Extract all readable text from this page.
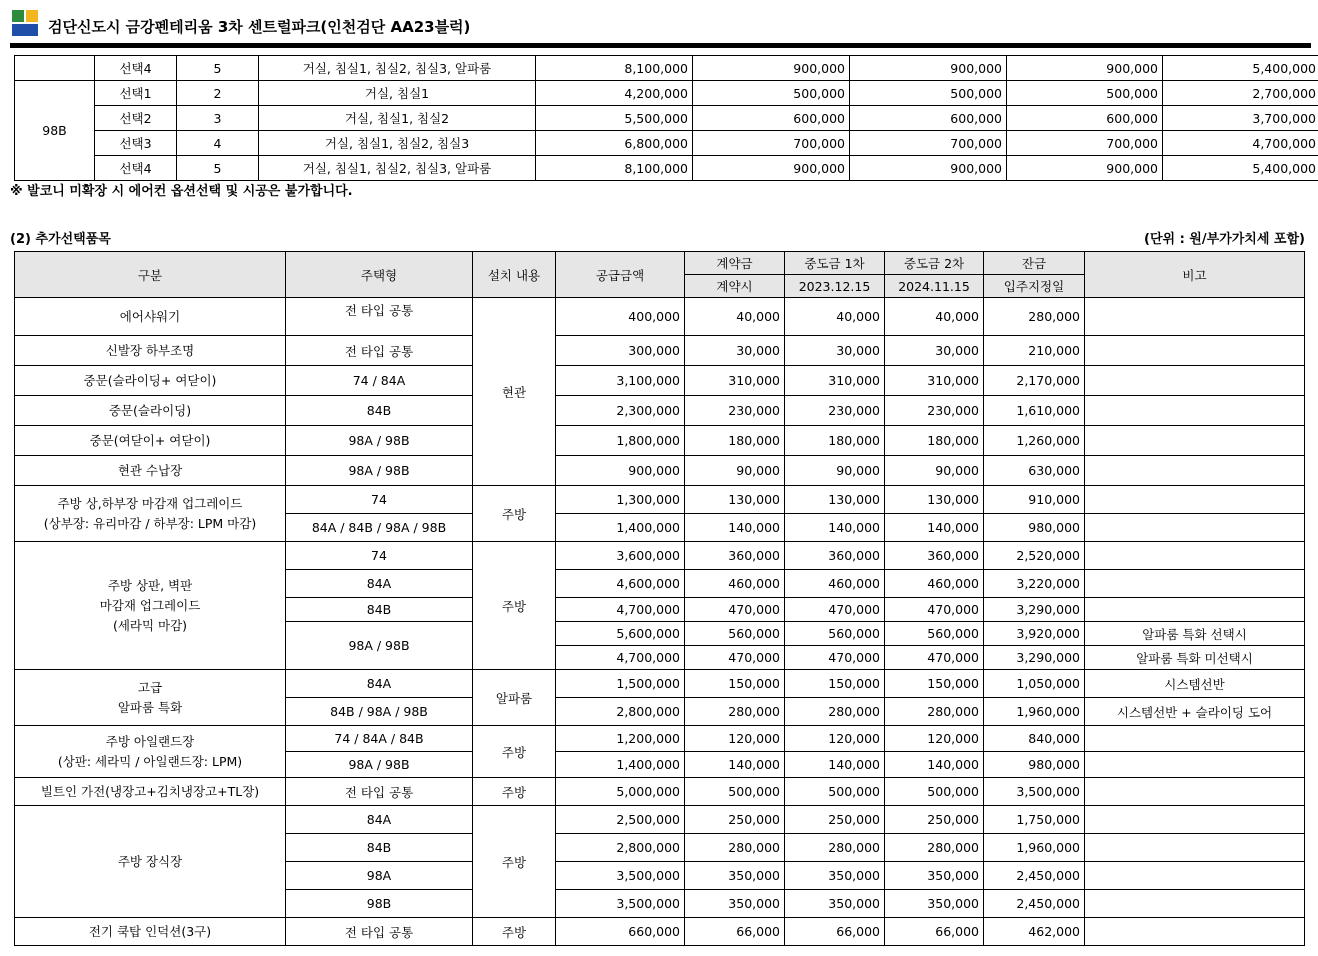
검단신도시 금강펜테리움 3차 센트럴파크(인천검단 AA23블럭)
	선택4	5	거실, 침실1, 침실2, 침실3, 알파룸	8,100,000	900,000	900,000	900,000	5,400,000
98B	선택1	2	거실, 침실1	4,200,000	500,000	500,000	500,000	2,700,000
	선택2	3	거실, 침실1, 침실2	5,500,000	600,000	600,000	600,000	3,700,000
	선택3	4	거실, 침실1, 침실2, 침실3	6,800,000	700,000	700,000	700,000	4,700,000
	선택4	5	거실, 침실1, 침실2, 침실3, 알파룸	8,100,000	900,000	900,000	900,000	5,400,000
※ 발코니 미확장 시 에어컨 옵션선택 및 시공은 불가합니다.
(2) 추가선택품목	(단위 : 원/부가가치세 포함)
구분	주택형	설치 내용	공급금액	계약금	중도금 1차	중도금 2차	잔금	비고
				계약시	2023.12.15	2024.11.15	입주지정일	
에어샤워기	전 타입 공통	현관	400,000	40,000	40,000	40,000	280,000	
신발장 하부조명	전 타입 공통		300,000	30,000	30,000	30,000	210,000	
중문(슬라이딩+ 여닫이)	74 / 84A		3,100,000	310,000	310,000	310,000	2,170,000	
중문(슬라이딩)	84B		2,300,000	230,000	230,000	230,000	1,610,000	
중문(여닫이+ 여닫이)	98A / 98B		1,800,000	180,000	180,000	180,000	1,260,000	
현관 수납장	98A / 98B		900,000	90,000	90,000	90,000	630,000	
주방 상,하부장 마감재 업그레이드
(상부장: 유리마감 / 하부장: LPM 마감)	74	주방	1,300,000	130,000	130,000	130,000	910,000	
	84A / 84B / 98A / 98B		1,400,000	140,000	140,000	140,000	980,000	
주방 상판, 벽판
마감재 업그레이드
(세라믹 마감)	74	주방	3,600,000	360,000	360,000	360,000	2,520,000	
	84A		4,600,000	460,000	460,000	460,000	3,220,000	
	84B		4,700,000	470,000	470,000	470,000	3,290,000	
	98A / 98B		5,600,000	560,000	560,000	560,000	3,920,000	알파룸 특화 선택시
			4,700,000	470,000	470,000	470,000	3,290,000	알파룸 특화 미선택시
고급
알파룸 특화	84A	알파룸	1,500,000	150,000	150,000	150,000	1,050,000	시스템선반
	84B / 98A / 98B		2,800,000	280,000	280,000	280,000	1,960,000	시스템선반 + 슬라이딩 도어
주방 아일랜드장
(상판: 세라믹 / 아일랜드장: LPM)	74 / 84A / 84B	주방	1,200,000	120,000	120,000	120,000	840,000	
	98A / 98B		1,400,000	140,000	140,000	140,000	980,000	
빌트인 가전(냉장고+김치냉장고+TL장)	전 타입 공통	주방	5,000,000	500,000	500,000	500,000	3,500,000	
주방 장식장	84A	주방	2,500,000	250,000	250,000	250,000	1,750,000	
	84B		2,800,000	280,000	280,000	280,000	1,960,000	
	98A		3,500,000	350,000	350,000	350,000	2,450,000	
	98B		3,500,000	350,000	350,000	350,000	2,450,000	
전기 쿡탑 인덕션(3구)	전 타입 공통	주방	660,000	66,000	66,000	66,000	462,000	
